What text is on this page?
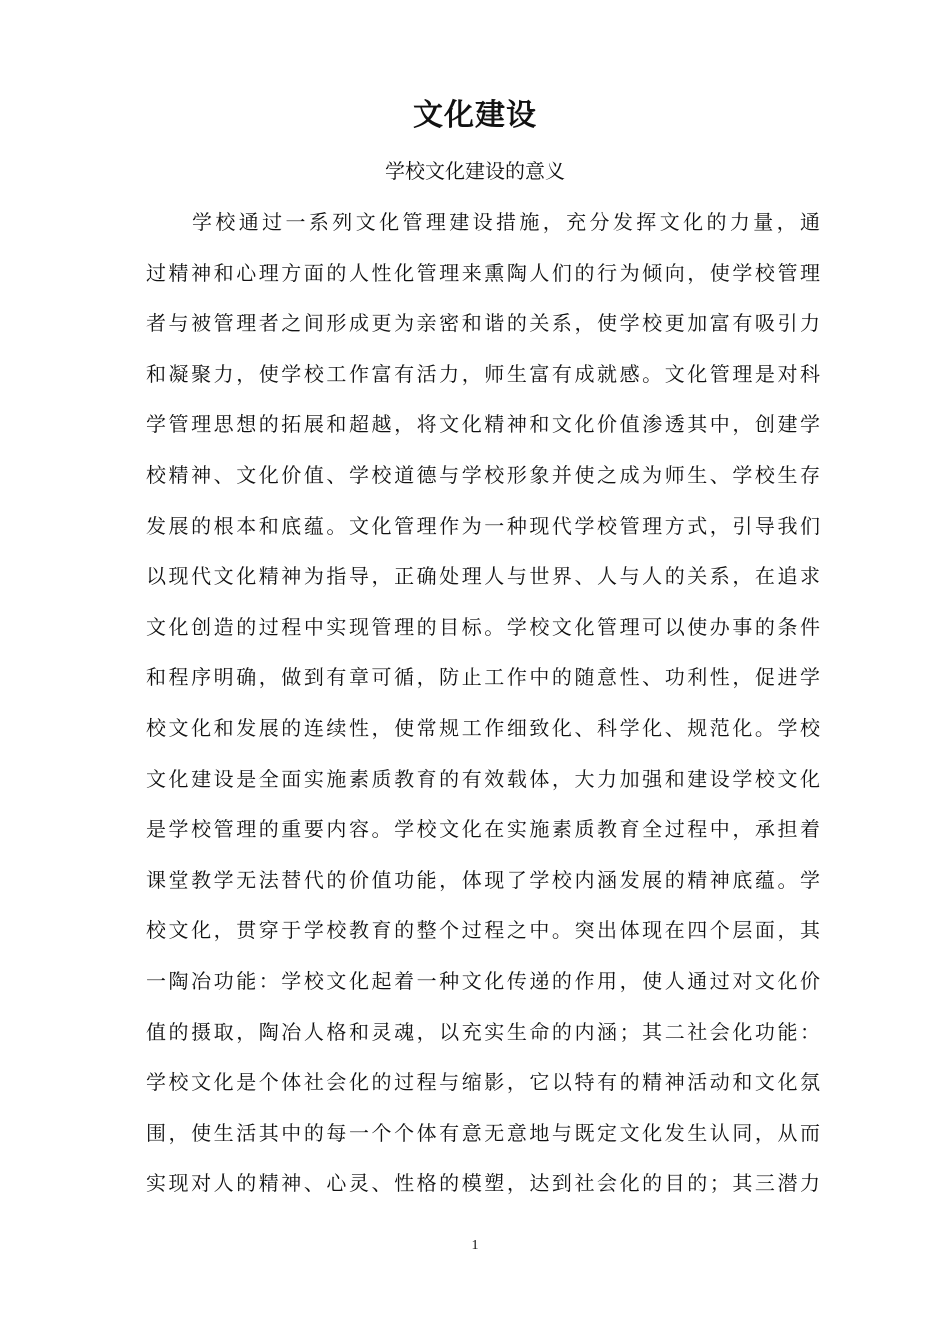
文化建设
学校文化建设的意义
学校通过一系列文化管理建设措施，充分发挥文化的力量，通
过精神和心理方面的人性化管理来熏陶人们的行为倾向，使学校管理
者与被管理者之间形成更为亲密和谐的关系，使学校更加富有吸引力
和凝聚力，使学校工作富有活力，师生富有成就感。文化管理是对科
学管理思想的拓展和超越，将文化精神和文化价值渗透其中，创建学
校精神、文化价值、学校道德与学校形象并使之成为师生、学校生存
发展的根本和底蕴。文化管理作为一种现代学校管理方式，引导我们
以现代文化精神为指导，正确处理人与世界、人与人的关系，在追求
文化创造的过程中实现管理的目标。学校文化管理可以使办事的条件
和程序明确，做到有章可循，防止工作中的随意性、功利性，促进学
校文化和发展的连续性，使常规工作细致化、科学化、规范化。学校
文化建设是全面实施素质教育的有效载体，大力加强和建设学校文化
是学校管理的重要内容。学校文化在实施素质教育全过程中，承担着
课堂教学无法替代的价值功能，体现了学校内涵发展的精神底蕴。学
校文化，贯穿于学校教育的整个过程之中。突出体现在四个层面，其
一陶冶功能：学校文化起着一种文化传递的作用，使人通过对文化价
值的摄取，陶冶人格和灵魂，以充实生命的内涵；其二社会化功能：
学校文化是个体社会化的过程与缩影，它以特有的精神活动和文化氛
围，使生活其中的每一个个体有意无意地与既定文化发生认同，从而
实现对人的精神、心灵、性格的模塑，达到社会化的目的；其三潜力
1
